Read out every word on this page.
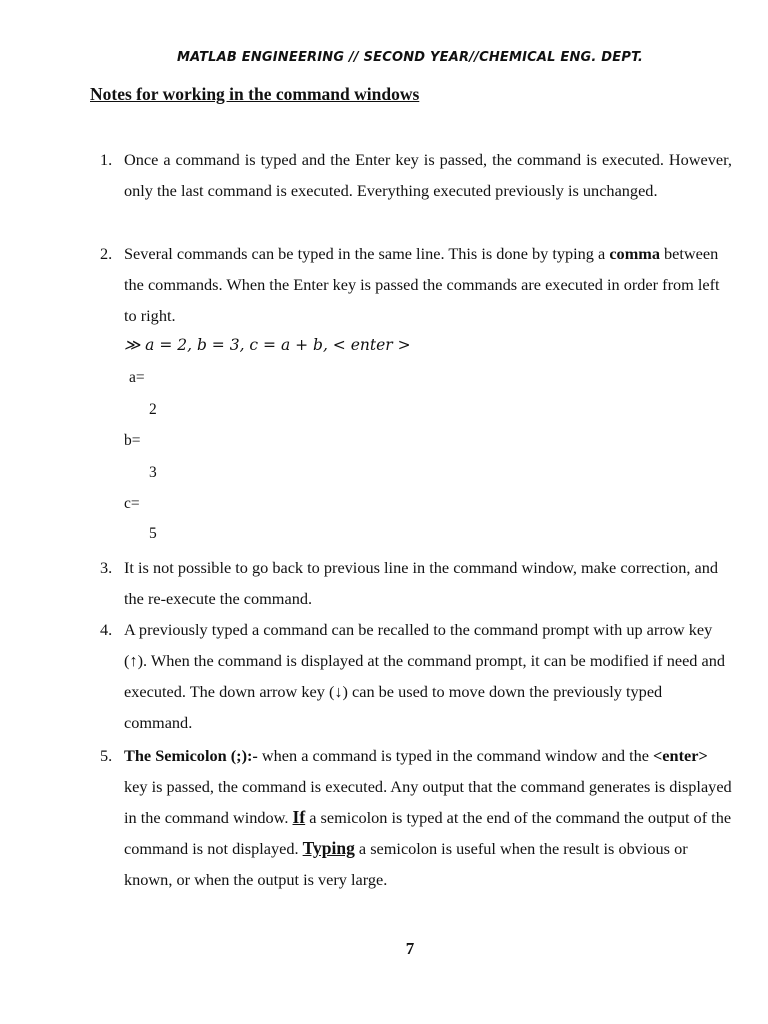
MATLAB ENGINEERING // SECOND YEAR//CHEMICAL ENG. DEPT.
Notes for working in the command windows
1. Once a command is typed and the Enter key is passed, the command is executed. However, only the last command is executed. Everything executed previously is unchanged.
2. Several commands can be typed in the same line. This is done by typing a comma between the commands. When the Enter key is passed the commands are executed in order from left to right.
≫ a = 2, b = 3, c = a + b, < enter >
a=
2
b=
3
c=
5
3. It is not possible to go back to previous line in the command window, make correction, and the re-execute the command.
4. A previously typed a command can be recalled to the command prompt with up arrow key (↑). When the command is displayed at the command prompt, it can be modified if need and executed. The down arrow key (↓) can be used to move down the previously typed command.
5. The Semicolon (;):- when a command is typed in the command window and the <enter> key is passed, the command is executed. Any output that the command generates is displayed in the command window. If a semicolon is typed at the end of the command the output of the command is not displayed. Typing a semicolon is useful when the result is obvious or known, or when the output is very large.
7
